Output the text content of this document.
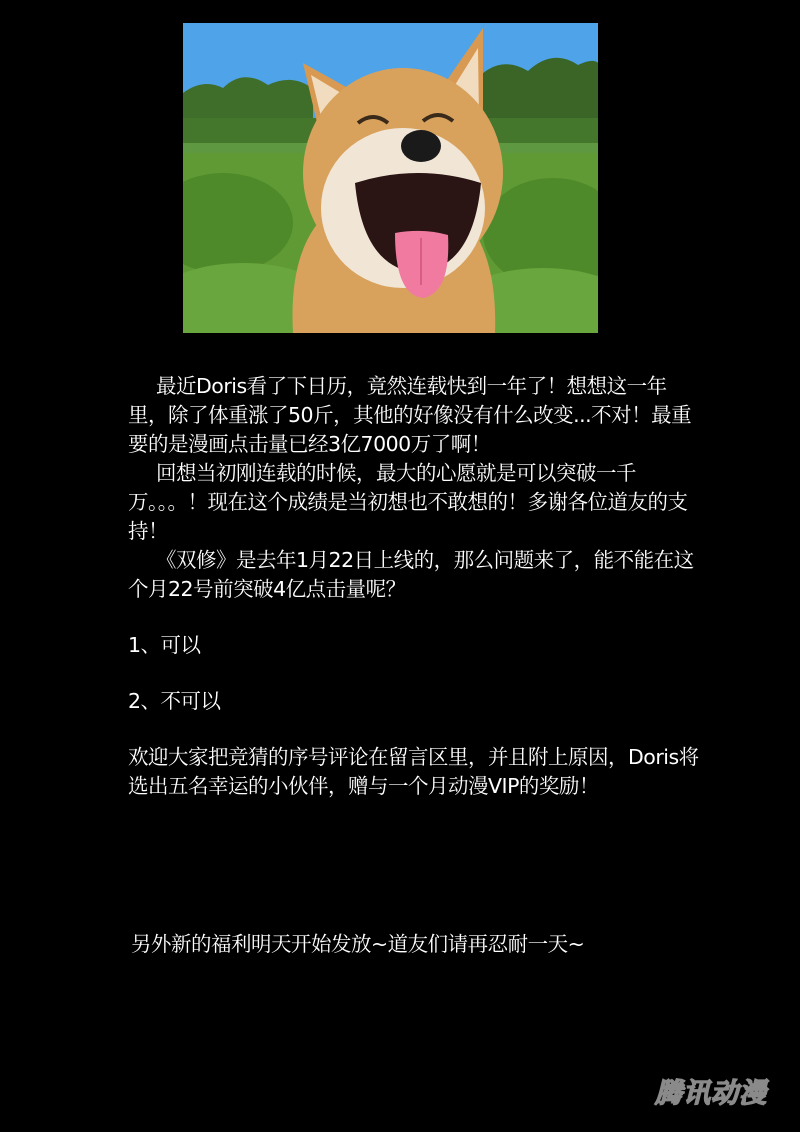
最近Doris看了下日历，竟然连载快到一年了！想想这一年里，除了体重涨了50斤，其他的好像没有什么改变...不对！最重要的是漫画点击量已经3亿7000万了啊！

回想当初刚连载的时候，最大的心愿就是可以突破一千万。。。！现在这个成绩是当初想也不敢想的！多谢各位道友的支持！

《双修》是去年1月22日上线的，那么问题来了，能不能在这个月22号前突破4亿点击量呢？

1、可以

2、不可以

欢迎大家把竞猜的序号评论在留言区里，并且附上原因，Doris将选出五名幸运的小伙伴，赠与一个月动漫VIP的奖励！

另外新的福利明天开始发放~道友们请再忍耐一天~
腾讯动漫
